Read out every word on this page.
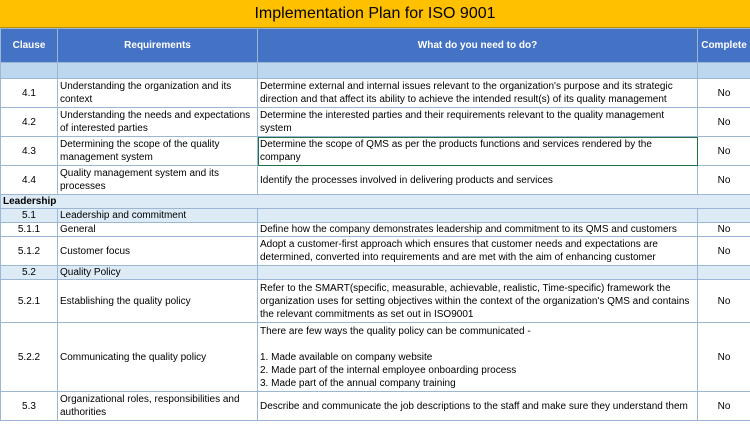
Implementation Plan for ISO 9001
Clause	Requirements	What do you need to do?	Complete

4.1	Understanding the organization and its context	Determine external and internal issues relevant to the organization's purpose and its strategic direction and that affect its ability to achieve the intended result(s) of its quality management	No
4.2	Understanding the needs and expectations of interested parties	Determine the interested parties and their requirements relevant to the quality management system	No
4.3	Determining the scope of the quality management system	Determine the scope of QMS as per the products functions and services rendered by the company	No
4.4	Quality management system and its processes	Identify the processes involved in delivering products and services	No
Leadership			
5.1	Leadership and commitment		
5.1.1	General	Define how the company demonstrates leadership and commitment to its QMS and customers	No
5.1.2	Customer focus	Adopt a customer-first approach which ensures that customer needs and expectations are determined, converted into requirements and are met with the aim of enhancing customer	No
5.2	Quality Policy		
5.2.1	Establishing the quality policy	Refer to the SMART(specific, measurable, achievable, realistic, Time-specific) framework the organization uses for setting objectives within the context of the organization's QMS and contains the relevant commitments as set out in ISO9001	No
5.2.2	Communicating the quality policy	There are few ways the quality policy can be communicated -

1. Made available on company website
2. Made part of the internal employee onboarding process
3. Made part of the annual company training	No
5.3	Organizational roles, responsibilities and authorities	Describe and communicate the job descriptions to the staff and make sure they understand them	No
